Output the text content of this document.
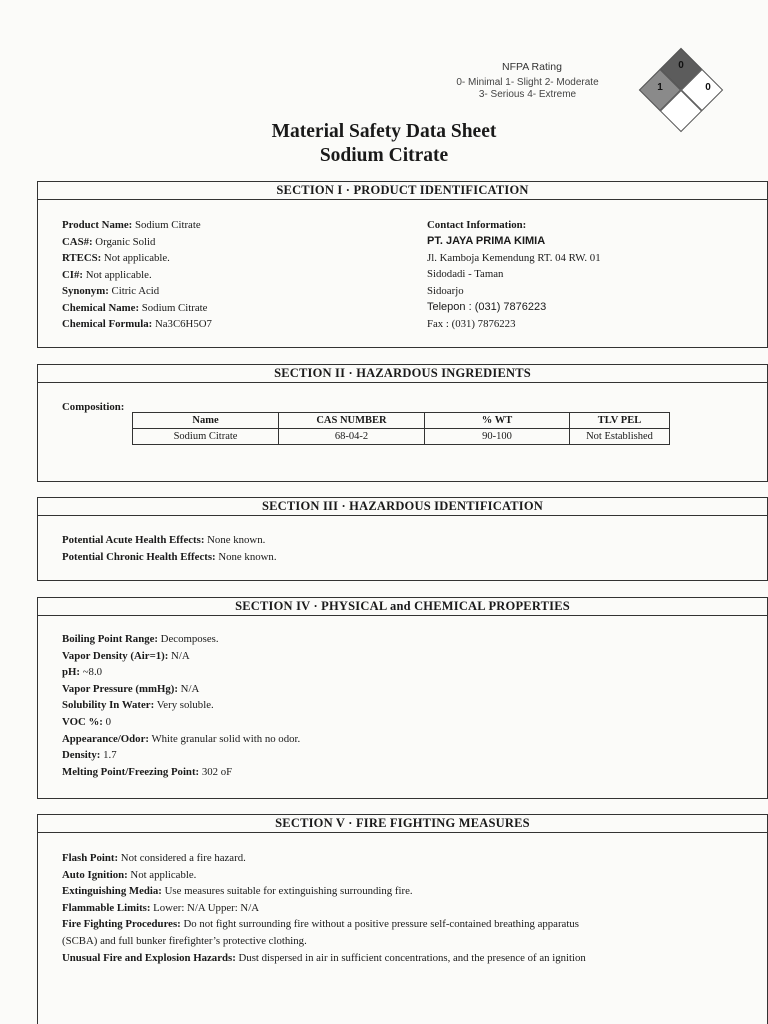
NFPA Rating
0- Minimal 1- Slight 2- Moderate
3- Serious 4- Extreme
0
1	0
Material Safety Data Sheet
Sodium Citrate
SECTION I · PRODUCT IDENTIFICATION
Product Name: Sodium Citrate
CAS#: Organic Solid
RTECS: Not applicable.
CI#: Not applicable.
Synonym: Citric Acid
Chemical Name: Sodium Citrate
Chemical Formula: Na3C6H5O7
Contact Information:
PT. JAYA PRIMA KIMIA
Jl. Kamboja Kemendung RT. 04 RW. 01
Sidodadi - Taman
Sidoarjo
Telepon : (031) 7876223
Fax : (031) 7876223
SECTION II · HAZARDOUS INGREDIENTS
Composition:
Name	CAS NUMBER	% WT	TLV PEL
Sodium Citrate	68-04-2	90-100	Not Established
SECTION III · HAZARDOUS IDENTIFICATION
Potential Acute Health Effects: None known.
Potential Chronic Health Effects: None known.
SECTION IV · PHYSICAL and CHEMICAL PROPERTIES
Boiling Point Range: Decomposes.
Vapor Density (Air=1): N/A
pH: ~8.0
Vapor Pressure (mmHg): N/A
Solubility In Water: Very soluble.
VOC %: 0
Appearance/Odor: White granular solid with no odor.
Density: 1.7
Melting Point/Freezing Point: 302 oF
SECTION V · FIRE FIGHTING MEASURES
Flash Point: Not considered a fire hazard.
Auto Ignition: Not applicable.
Extinguishing Media: Use measures suitable for extinguishing surrounding fire.
Flammable Limits: Lower: N/A Upper: N/A
Fire Fighting Procedures: Do not fight surrounding fire without a positive pressure self-contained breathing apparatus
(SCBA) and full bunker firefighter’s protective clothing.
Unusual Fire and Explosion Hazards: Dust dispersed in air in sufficient concentrations, and the presence of an ignition
